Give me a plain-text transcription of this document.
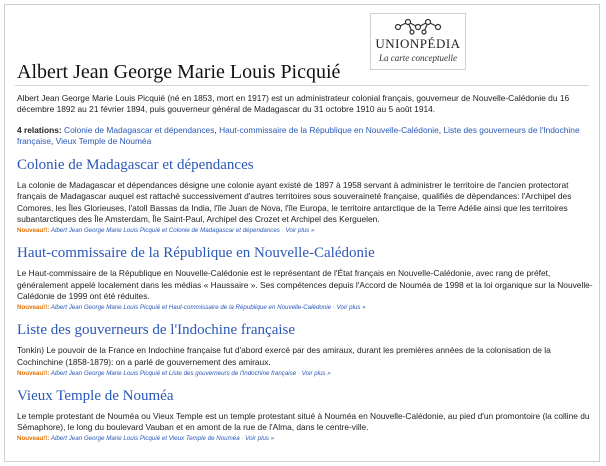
UNIONPÉDIA
La carte conceptuelle
Albert Jean George Marie Louis Picquié

Albert Jean George Marie Louis Picquié (né en 1853, mort en 1917) est un administrateur colonial français, gouverneur de Nouvelle-Calédonie du 16 décembre 1892 au 21 février 1894, puis gouverneur général de Madagascar du 31 octobre 1910 au 5 août 1914.

4 relations: Colonie de Madagascar et dépendances, Haut-commissaire de la République en Nouvelle-Calédonie, Liste des gouverneurs de l'Indochine française, Vieux Temple de Nouméa

Colonie de Madagascar et dépendances

La colonie de Madagascar et dépendances désigne une colonie ayant existé de 1897 à 1958 servant à administrer le territoire de l'ancien protectorat français de Madagascar auquel est rattaché successivement d'autres territoires sous souveraineté française, qualifiés de dépendances: l'Archipel des Comores, les Îles Glorieuses, l'atoll Bassas da India, l'île Juan de Nova, l'île Europa, le territoire antarctique de la Terre Adélie ainsi que les territoires subantarctiques des Île Amsterdam, Île Saint-Paul, Archipel des Crozet et Archipel des Kerguelen.

Nouveau!!: Albert Jean George Marie Louis Picquié et Colonie de Madagascar et dépendances · Voir plus »
Haut-commissaire de la République en Nouvelle-Calédonie

Le Haut-commissaire de la République en Nouvelle-Calédonie est le représentant de l'État français en Nouvelle-Calédonie, avec rang de préfet, généralement appelé localement dans les médias « Haussaire ». Ses compétences depuis l'Accord de Nouméa de 1998 et la loi organique sur la Nouvelle-Calédonie de 1999 ont été réduites.

Nouveau!!: Albert Jean George Marie Louis Picquié et Haut-commissaire de la République en Nouvelle-Calédonie · Voir plus »
Liste des gouverneurs de l'Indochine française

Tonkin) Le pouvoir de la France en Indochine française fut d'abord exercé par des amiraux, durant les premières années de la colonisation de la Cochinchine (1858-1879): on a parlé de gouvernement des amiraux.

Nouveau!!: Albert Jean George Marie Louis Picquié et Liste des gouverneurs de l'Indochine française · Voir plus »
Vieux Temple de Nouméa

Le temple protestant de Nouméa ou Vieux Temple est un temple protestant situé à Nouméa en Nouvelle-Calédonie, au pied d'un promontoire (la colline du Sémaphore), le long du boulevard Vauban et en amont de la rue de l'Alma, dans le centre-ville.

Nouveau!!: Albert Jean George Marie Louis Picquié et Vieux Temple de Nouméa · Voir plus »
